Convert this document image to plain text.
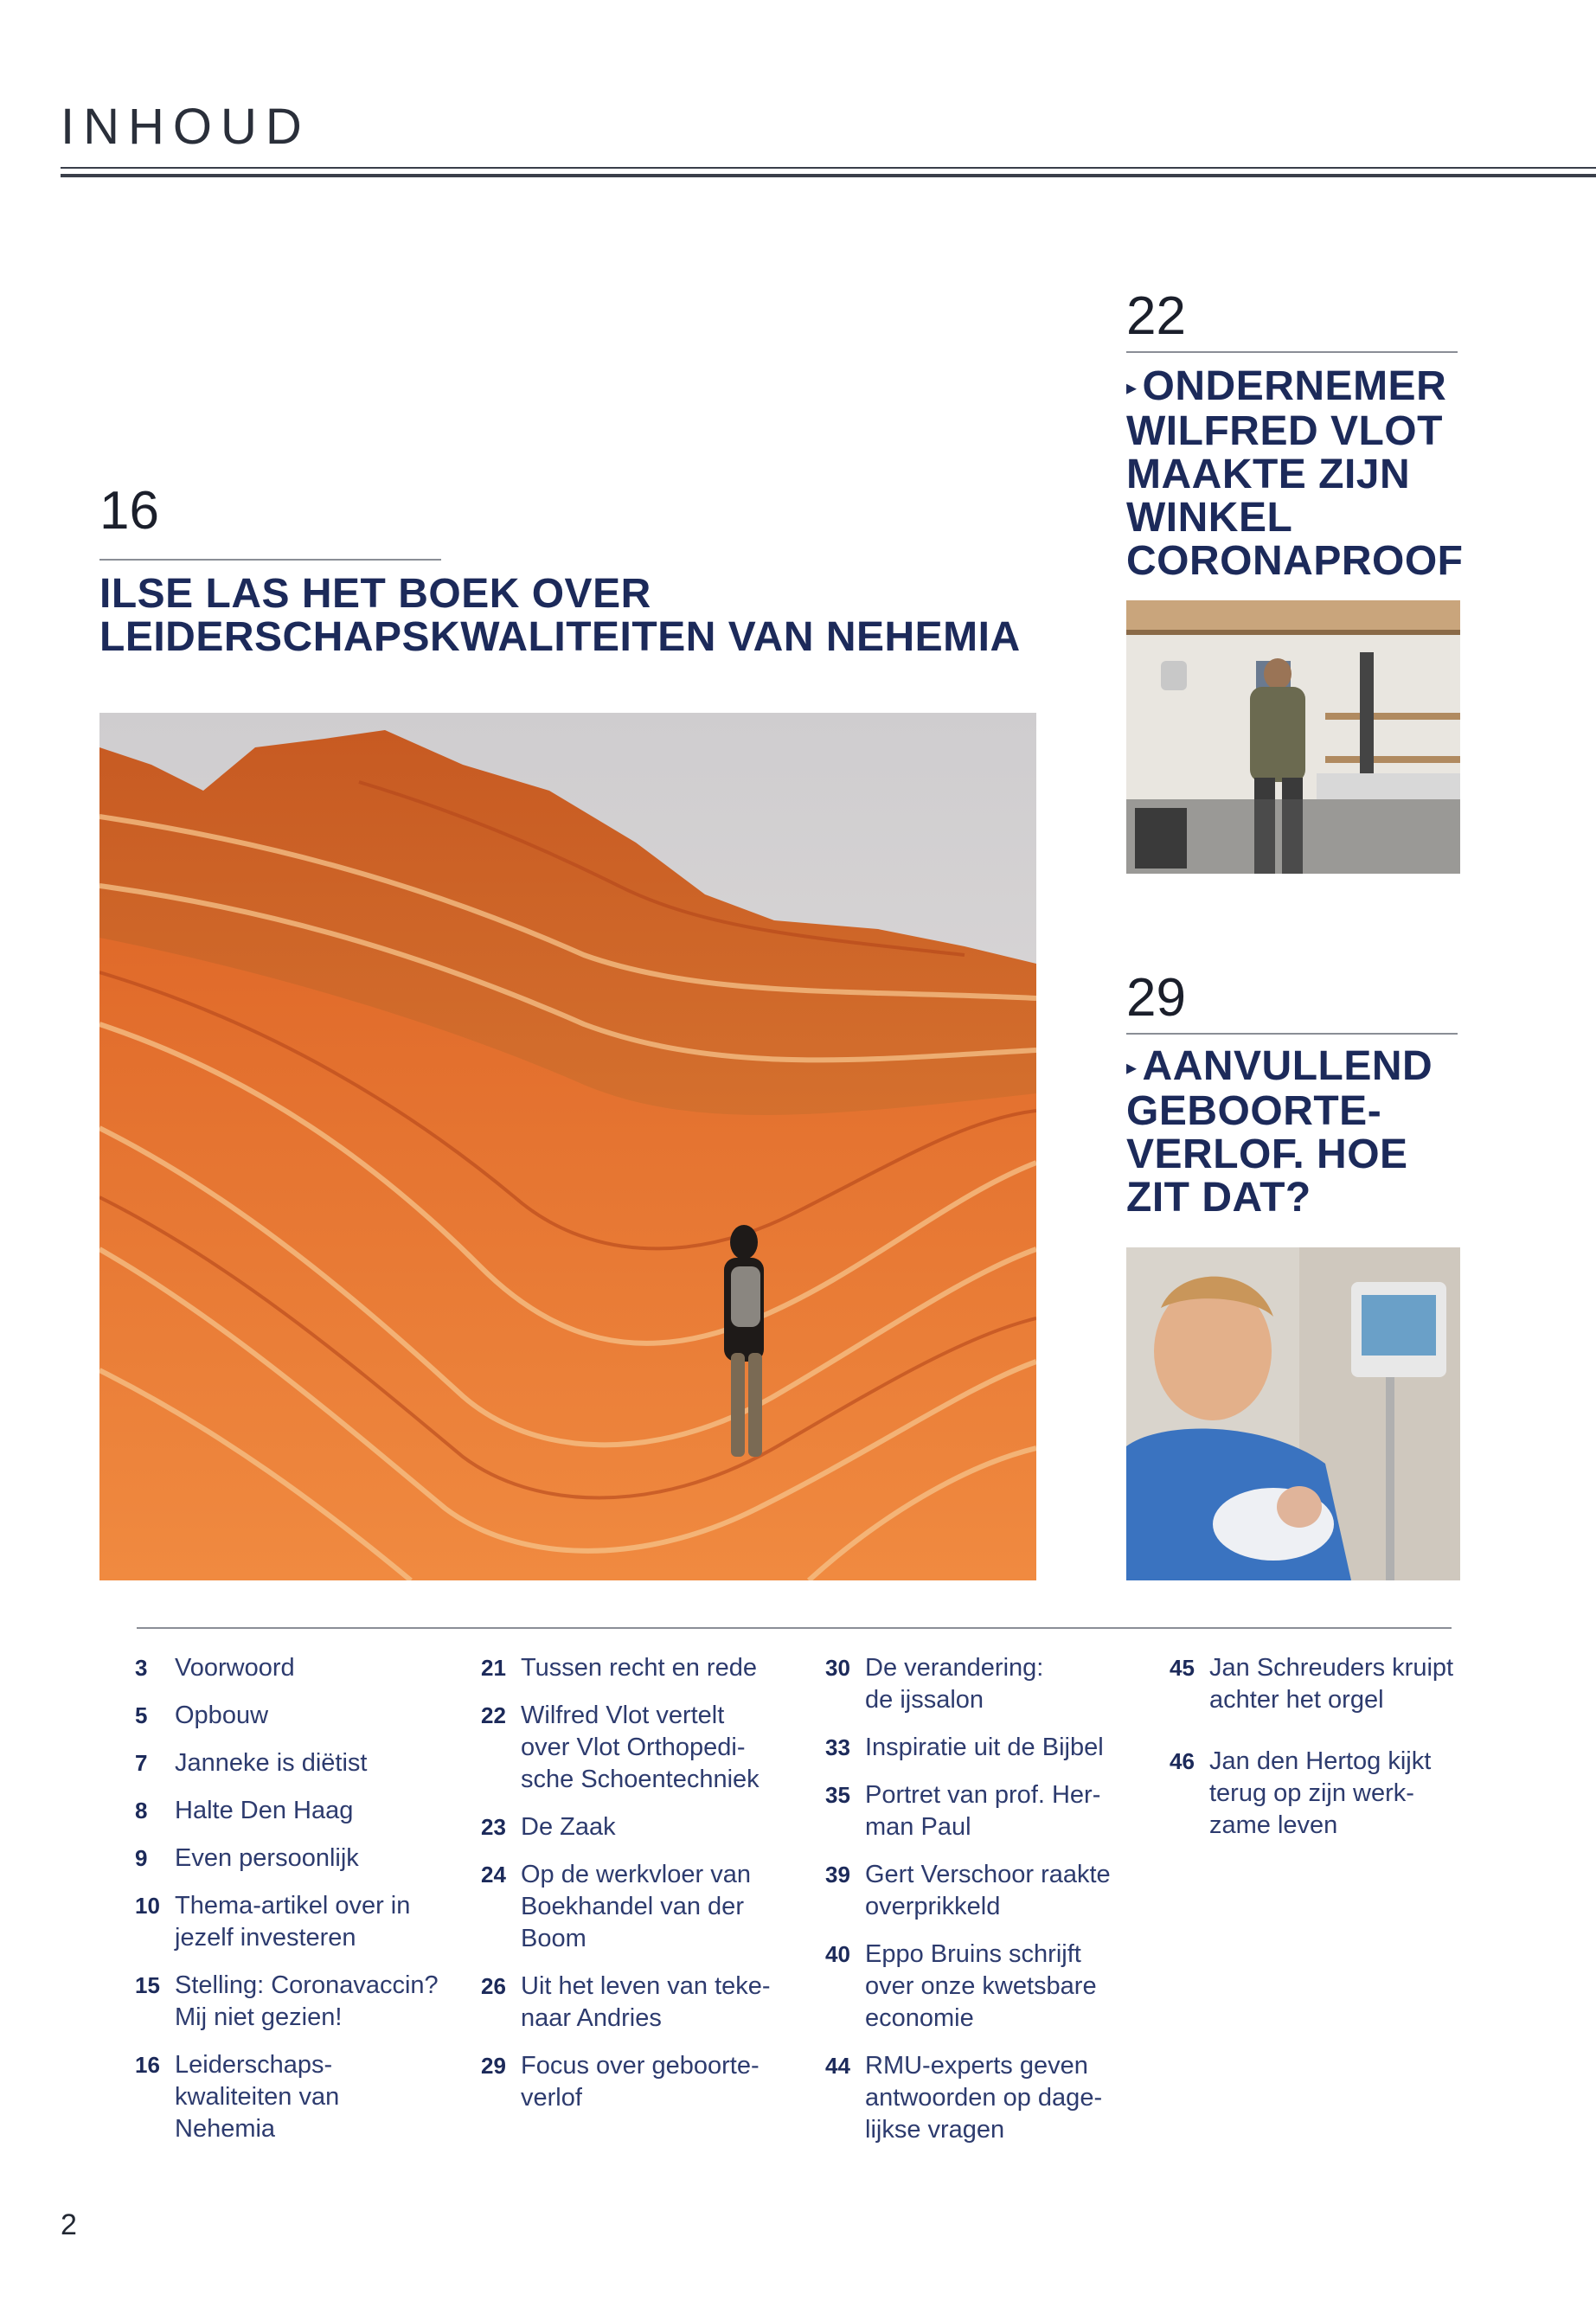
INHOUD
16
ILSE LAS HET BOEK OVER LEIDERSCHAPSKWALITEITEN VAN NEHEMIA
22
▸ ONDERNEMER WILFRED VLOT MAAKTE ZIJN WINKEL CORONAPROOF
29
▸ AANVULLEND GEBOORTE-VERLOF. HOE ZIT DAT?
3	Voorwoord
5	Opbouw
7	Janneke is diëtist
8	Halte Den Haag
9	Even persoonlijk
10 Thema-artikel over in
jezelf investeren
15 Stelling: Coronavaccin?
Mij niet gezien!
16 Leiderschaps-
kwaliteiten van
Nehemia
21 Tussen recht en rede
22 Wilfred Vlot vertelt
over Vlot Orthopedi-
sche Schoentechniek
23 De Zaak
24 Op de werkvloer van
Boekhandel van der
Boom
26 Uit het leven van teke-
naar Andries
29 Focus over geboorte-
verlof
30 De verandering:
de ijssalon
33 Inspiratie uit de Bijbel
35 Portret van prof. Her-
man Paul
39 Gert Verschoor raakte
overprikkeld
40 Eppo Bruins schrijft
over onze kwetsbare
economie
44 RMU-experts geven
antwoorden op dage-
lijkse vragen
45 Jan Schreuders kruipt
achter het orgel
46 Jan den Hertog kijkt
terug op zijn werk-
zame leven

2
